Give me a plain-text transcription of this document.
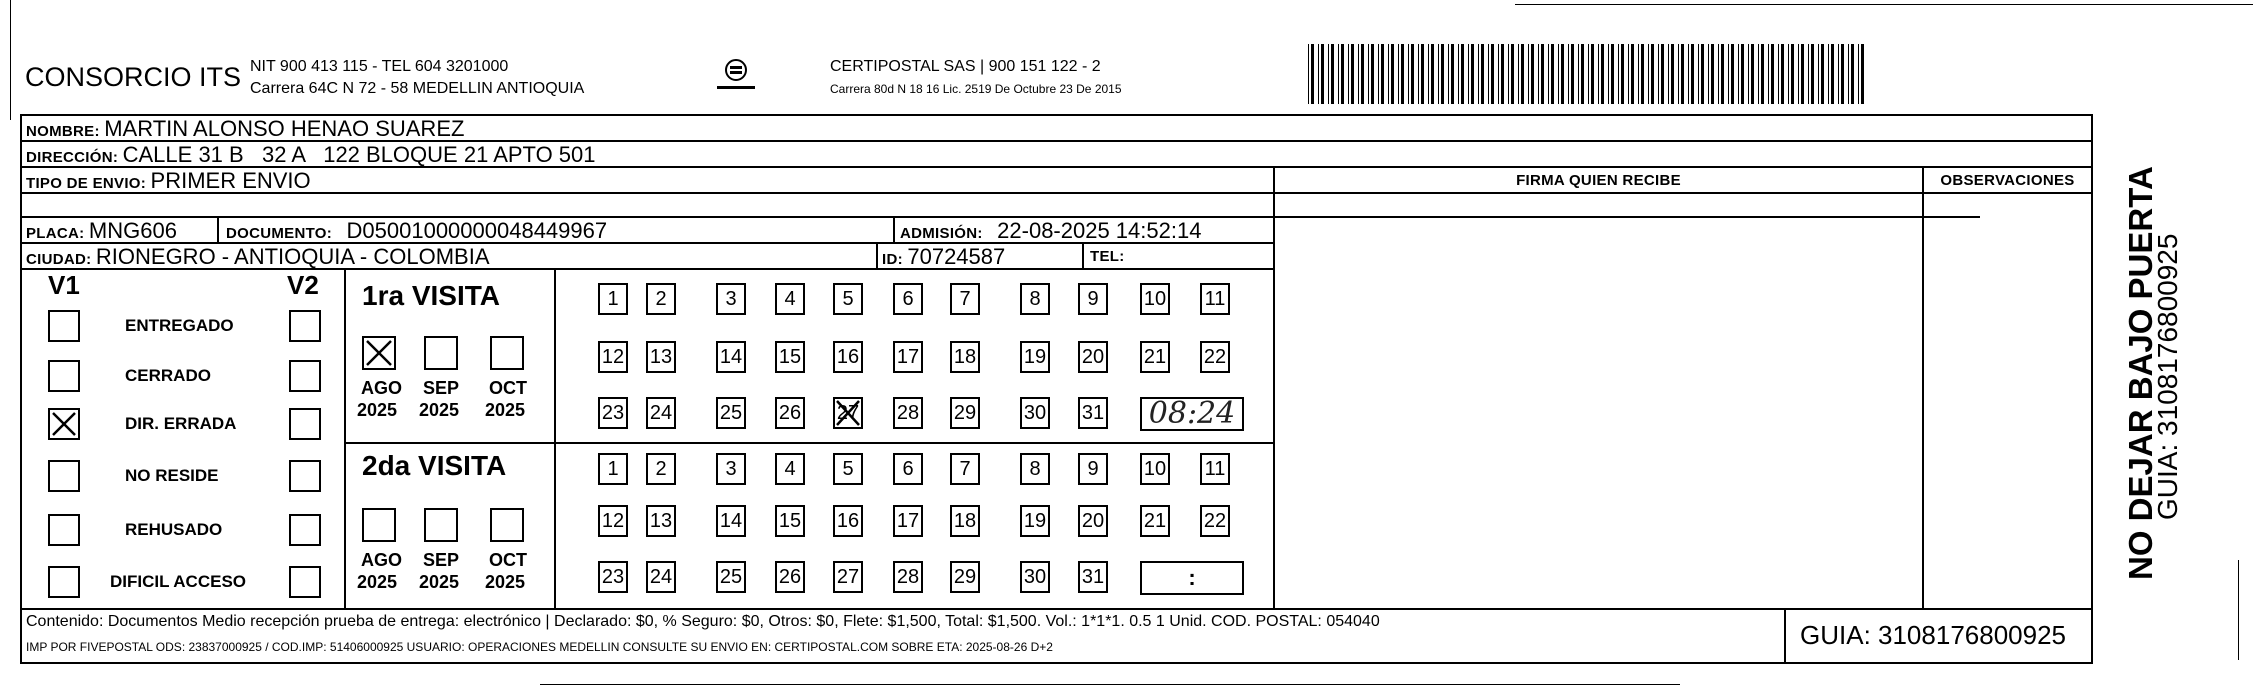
CONSORCIO ITS NIT 900 413 115 - TEL 604 3201000
Carrera 64C N 72 - 58 MEDELLIN ANTIOQUIA
CERTIPOSTAL SAS | 900 151 122 - 2
Carrera 80d N 18 16 Lic. 2519 De Octubre 23 De 2015
NOMBRE: MARTIN ALONSO HENAO SUAREZ
DIRECCIÓN: CALLE 31 B   32 A   122 BLOQUE 21 APTO 501
TIPO DE ENVIO: PRIMER ENVIO	FIRMA QUIEN RECIBE	OBSERVACIONES
PLACA: MNG606	DOCUMENTO: D05001000000048449967	ADMISIÓN: 22-08-2025 14:52:14
CIUDAD: RIONEGRO - ANTIOQUIA - COLOMBIA	ID: 70724587	TEL:
V1	V2
ENTREGADO
CERRADO
DIR. ERRADA
NO RESIDE
REHUSADO
DIFICIL ACCESO
1ra VISITA
2da VISITA
AGO
2025
SEP
2025
OCT
2025
1	2	3	4	5	6	7	8	9	10 11
12 13 14 15 16 17 18 19 20 21 22
23 24 25 26 27 28 29 30 31 08:24
AGO
2025
SEP
2025
OCT
2025
1	2	3	4	5	6	7	8	9	10 11
12 13 14 15 16 17 18 19 20 21 22
23 24 25 26 27 28 29 30 31	:
Contenido: Documentos Medio recepción prueba de entrega: electrónico | Declarado: $0, % Seguro: $0, Otros: $0, Flete: $1,500, Total: $1,500. Vol.: 1*1*1. 0.5 1 Unid. COD. POSTAL: 054040
IMP POR FIVEPOSTAL ODS: 23837000925 / COD.IMP: 51406000925 USUARIO: OPERACIONES MEDELLIN CONSULTE SU ENVIO EN: CERTIPOSTAL.COM SOBRE ETA: 2025-08-26 D+2	GUIA: 3108176800925
NO DEJAR BAJO PUERTA
GUIA: 3108176800925
